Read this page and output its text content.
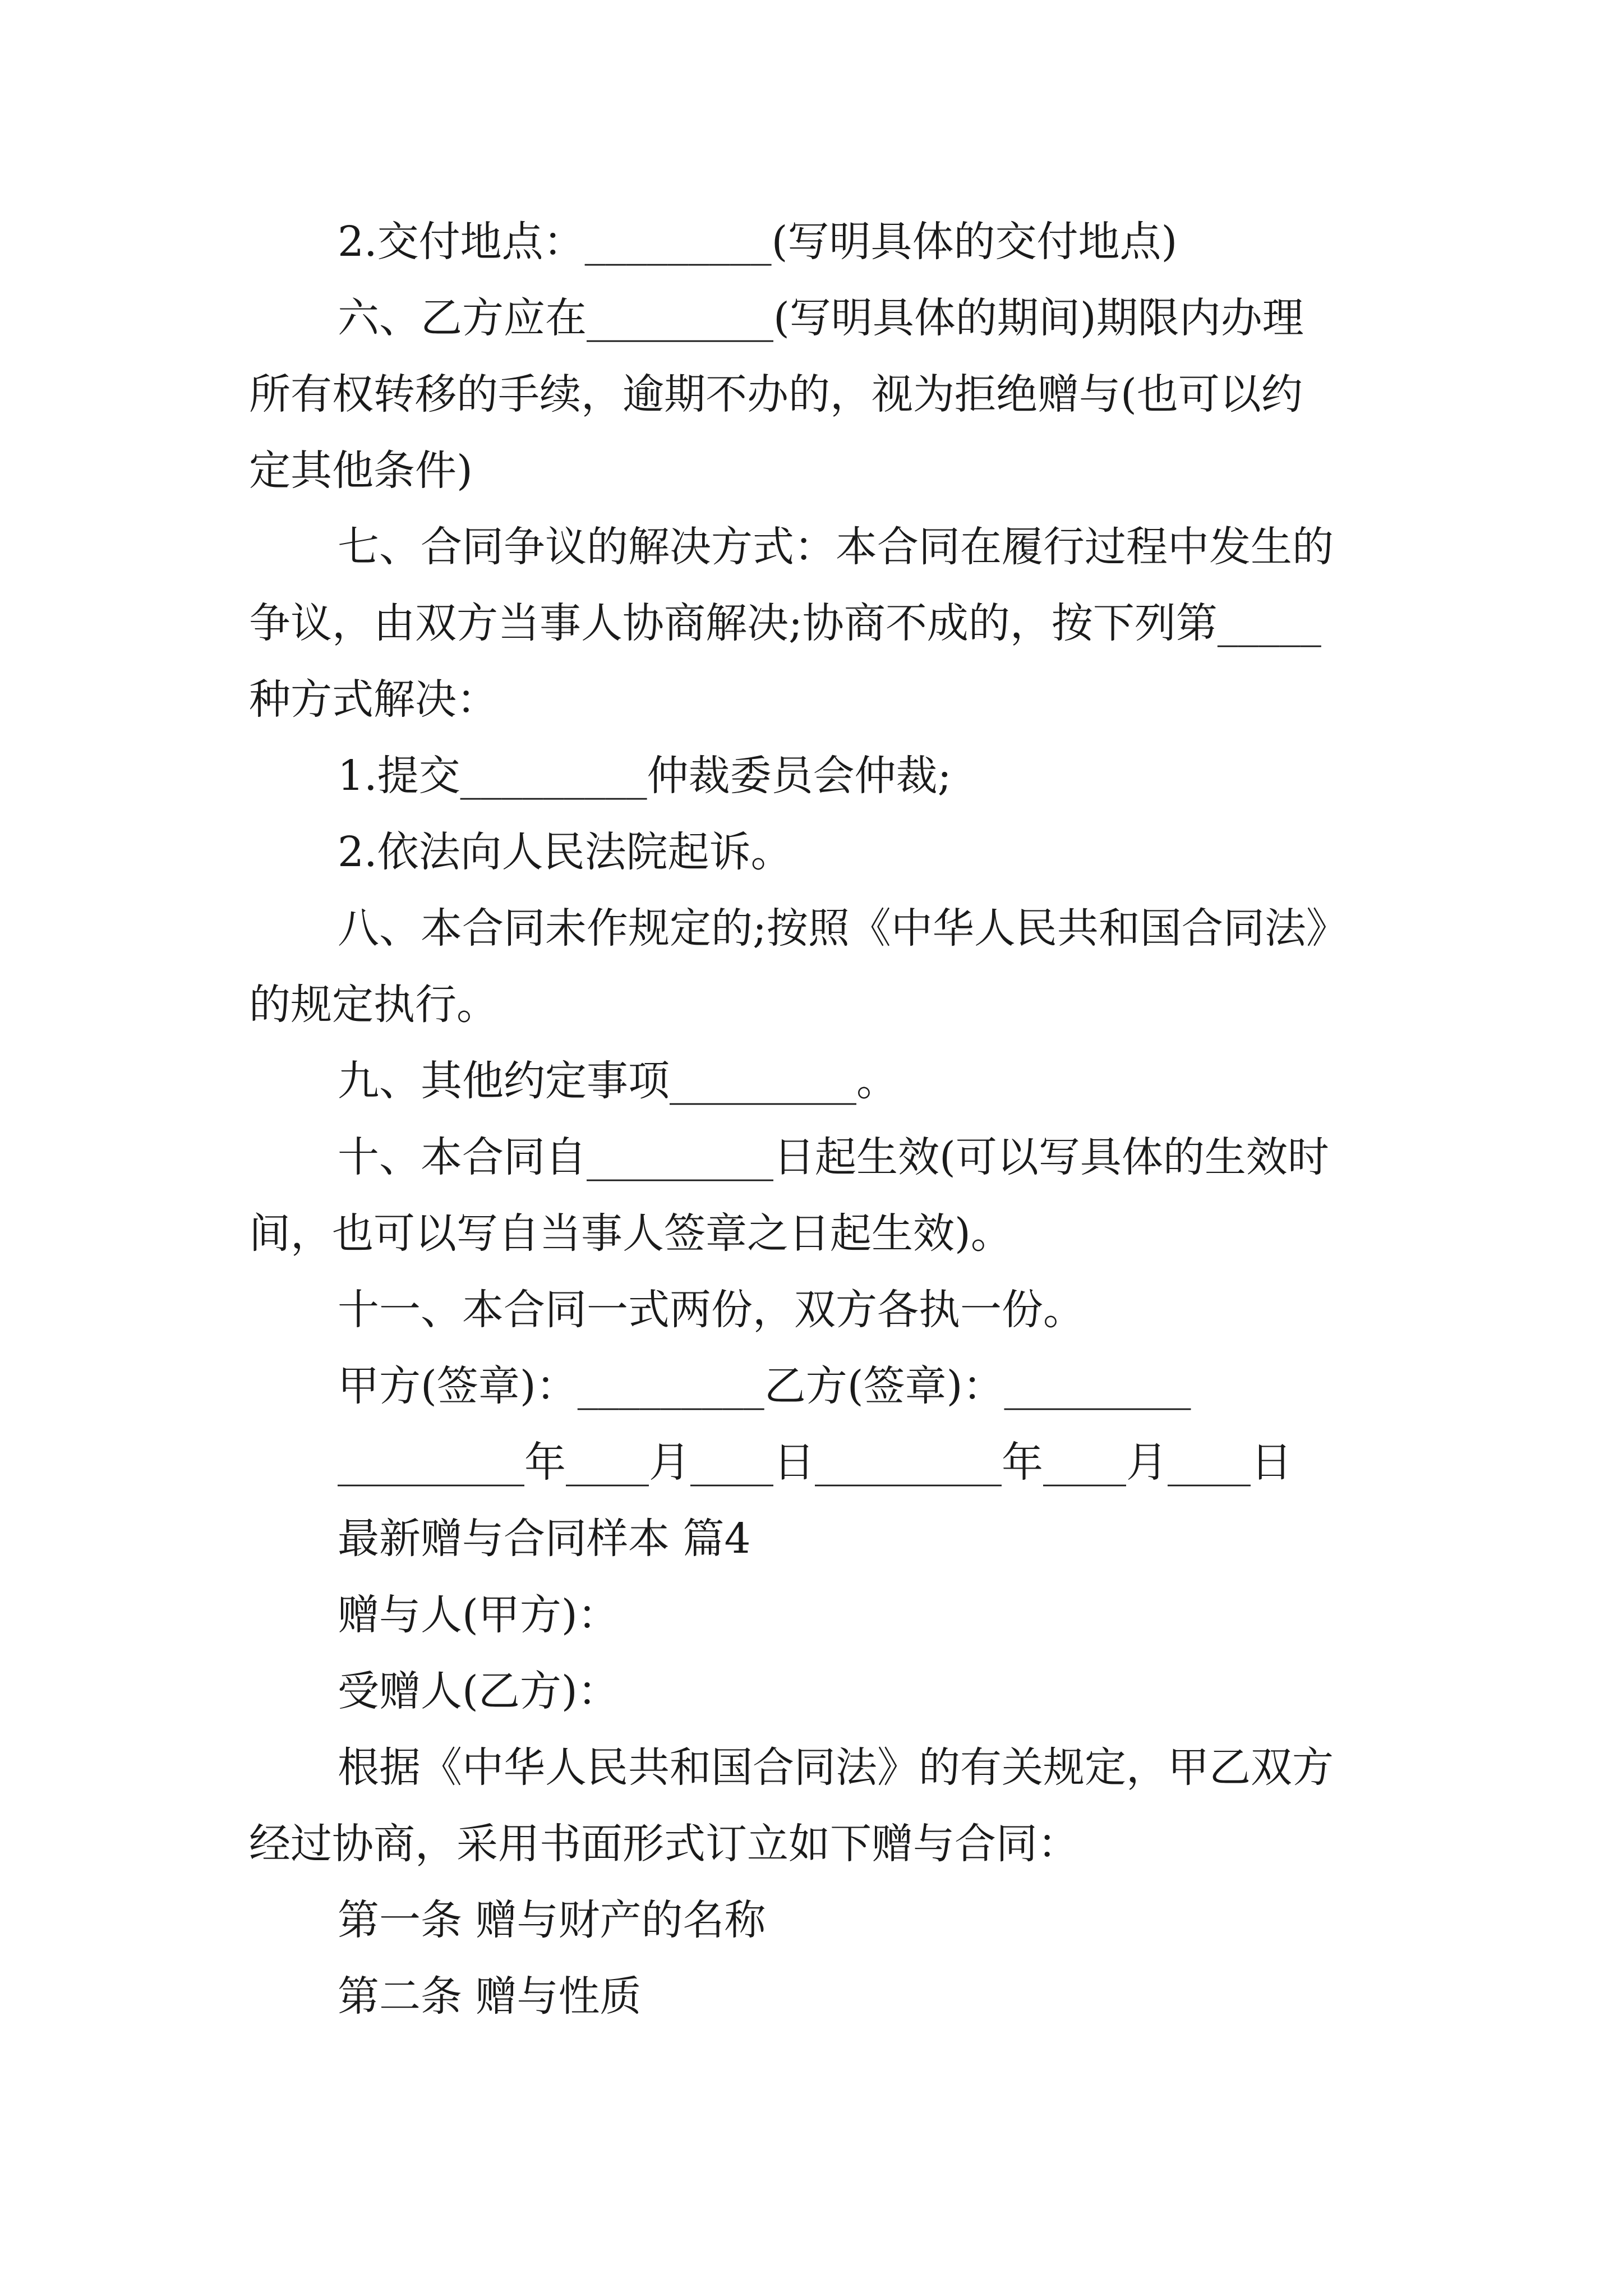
2.交付地点：_________(写明具体的交付地点)
六、乙方应在_________(写明具体的期间)期限内办理
所有权转移的手续，逾期不办的，视为拒绝赠与(也可以约
定其他条件)
七、合同争议的解决方式：本合同在履行过程中发生的
争议，由双方当事人协商解决;协商不成的，按下列第_____
种方式解决：
1.提交_________仲裁委员会仲裁;
2.依法向人民法院起诉。
八、本合同未作规定的;按照《中华人民共和国合同法》
的规定执行。
九、其他约定事项_________。
十、本合同自_________日起生效(可以写具体的生效时
间，也可以写自当事人签章之日起生效)。
十一、本合同一式两份，双方各执一份。
甲方(签章)：_________乙方(签章)：_________
_________年____月____日_________年____月____日
最新赠与合同样本 篇4
赠与人(甲方)：
受赠人(乙方)：
根据《中华人民共和国合同法》的有关规定，甲乙双方
经过协商，采用书面形式订立如下赠与合同：
第一条 赠与财产的名称
第二条 赠与性质
